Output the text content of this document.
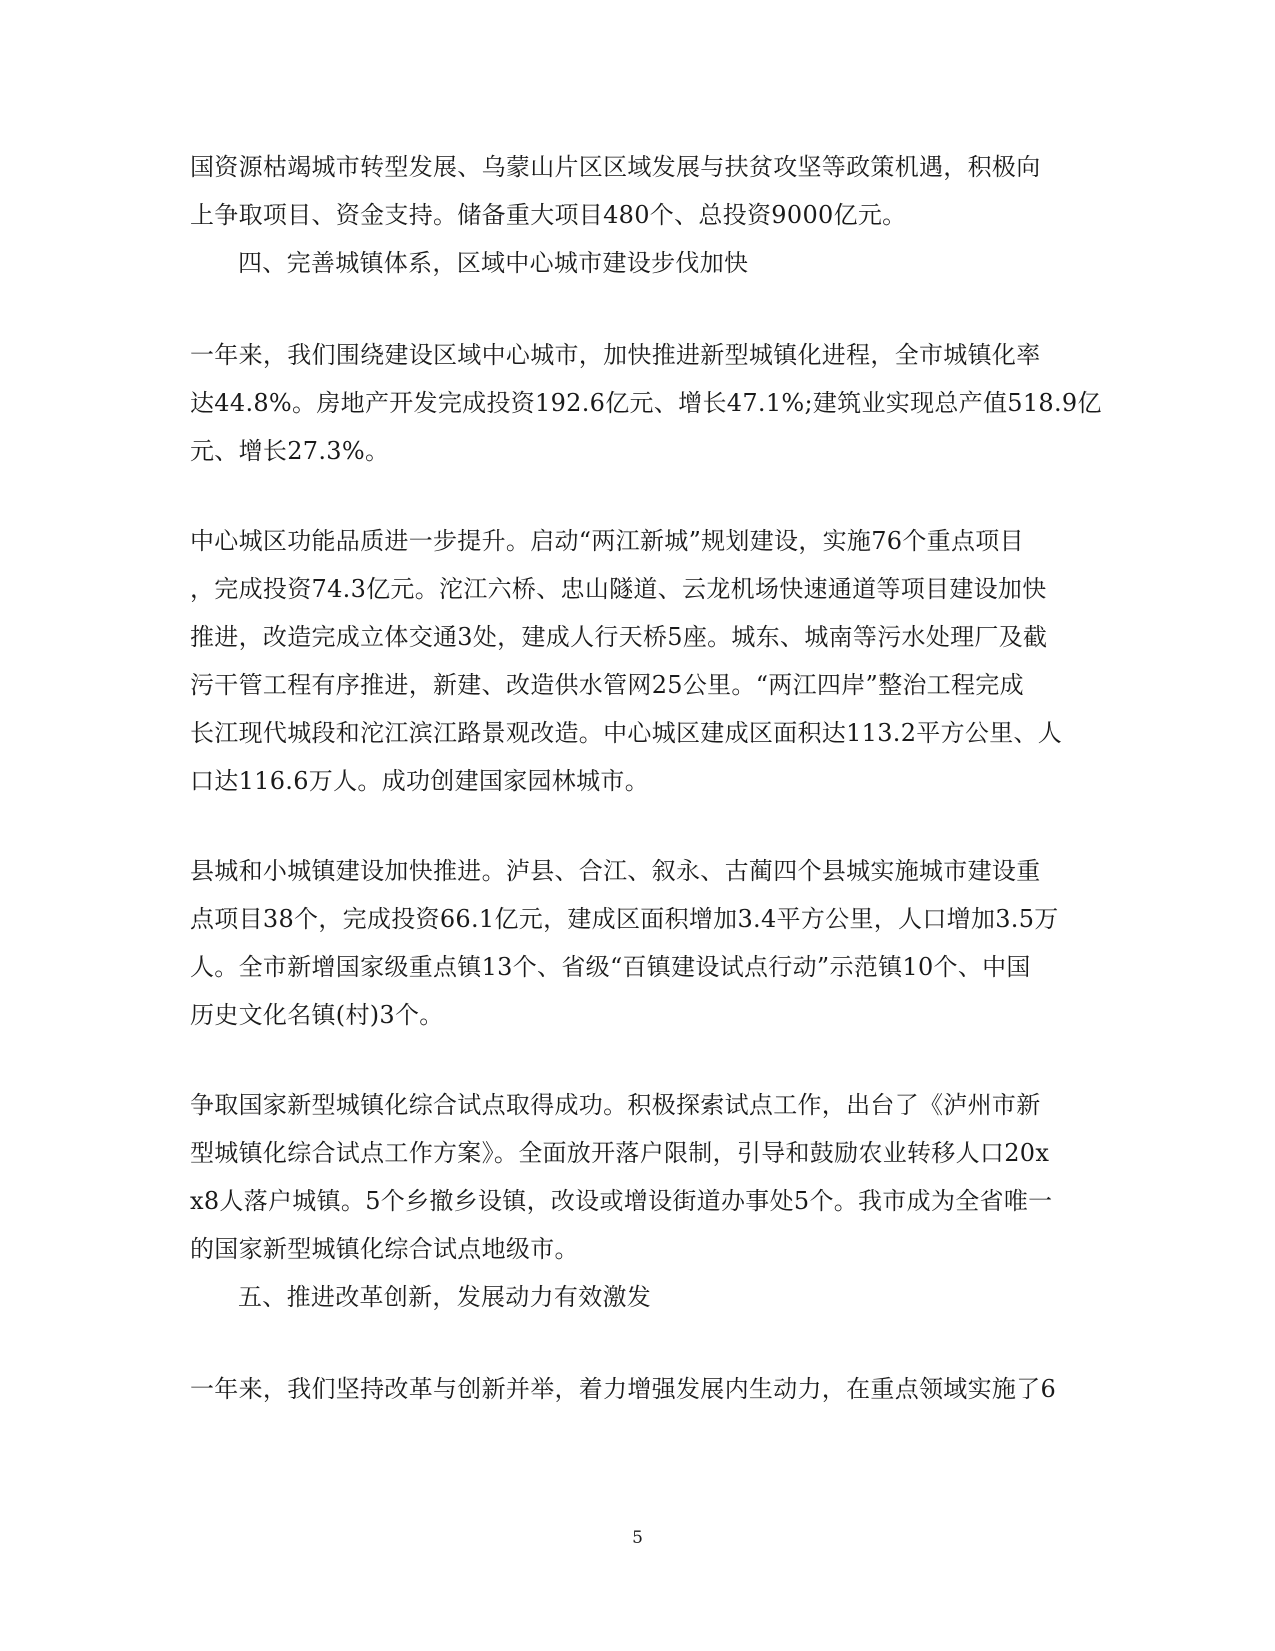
国资源枯竭城市转型发展、乌蒙山片区区域发展与扶贫攻坚等政策机遇，积极向
上争取项目、资金支持。储备重大项目480个、总投资9000亿元。
四、完善城镇体系，区域中心城市建设步伐加快
一年来，我们围绕建设区域中心城市，加快推进新型城镇化进程，全市城镇化率
达44.8%。房地产开发完成投资192.6亿元、增长47.1%;建筑业实现总产值518.9亿
元、增长27.3%。
中心城区功能品质进一步提升。启动“两江新城”规划建设，实施76个重点项目
，完成投资74.3亿元。沱江六桥、忠山隧道、云龙机场快速通道等项目建设加快
推进，改造完成立体交通3处，建成人行天桥5座。城东、城南等污水处理厂及截
污干管工程有序推进，新建、改造供水管网25公里。“两江四岸”整治工程完成
长江现代城段和沱江滨江路景观改造。中心城区建成区面积达113.2平方公里、人
口达116.6万人。成功创建国家园林城市。
县城和小城镇建设加快推进。泸县、合江、叙永、古蔺四个县城实施城市建设重
点项目38个，完成投资66.1亿元，建成区面积增加3.4平方公里，人口增加3.5万
人。全市新增国家级重点镇13个、省级“百镇建设试点行动”示范镇10个、中国
历史文化名镇(村)3个。
争取国家新型城镇化综合试点取得成功。积极探索试点工作，出台了《泸州市新
型城镇化综合试点工作方案》。全面放开落户限制，引导和鼓励农业转移人口20x
x8人落户城镇。5个乡撤乡设镇，改设或增设街道办事处5个。我市成为全省唯一
的国家新型城镇化综合试点地级市。
五、推进改革创新，发展动力有效激发
一年来，我们坚持改革与创新并举，着力增强发展内生动力，在重点领域实施了6
5
